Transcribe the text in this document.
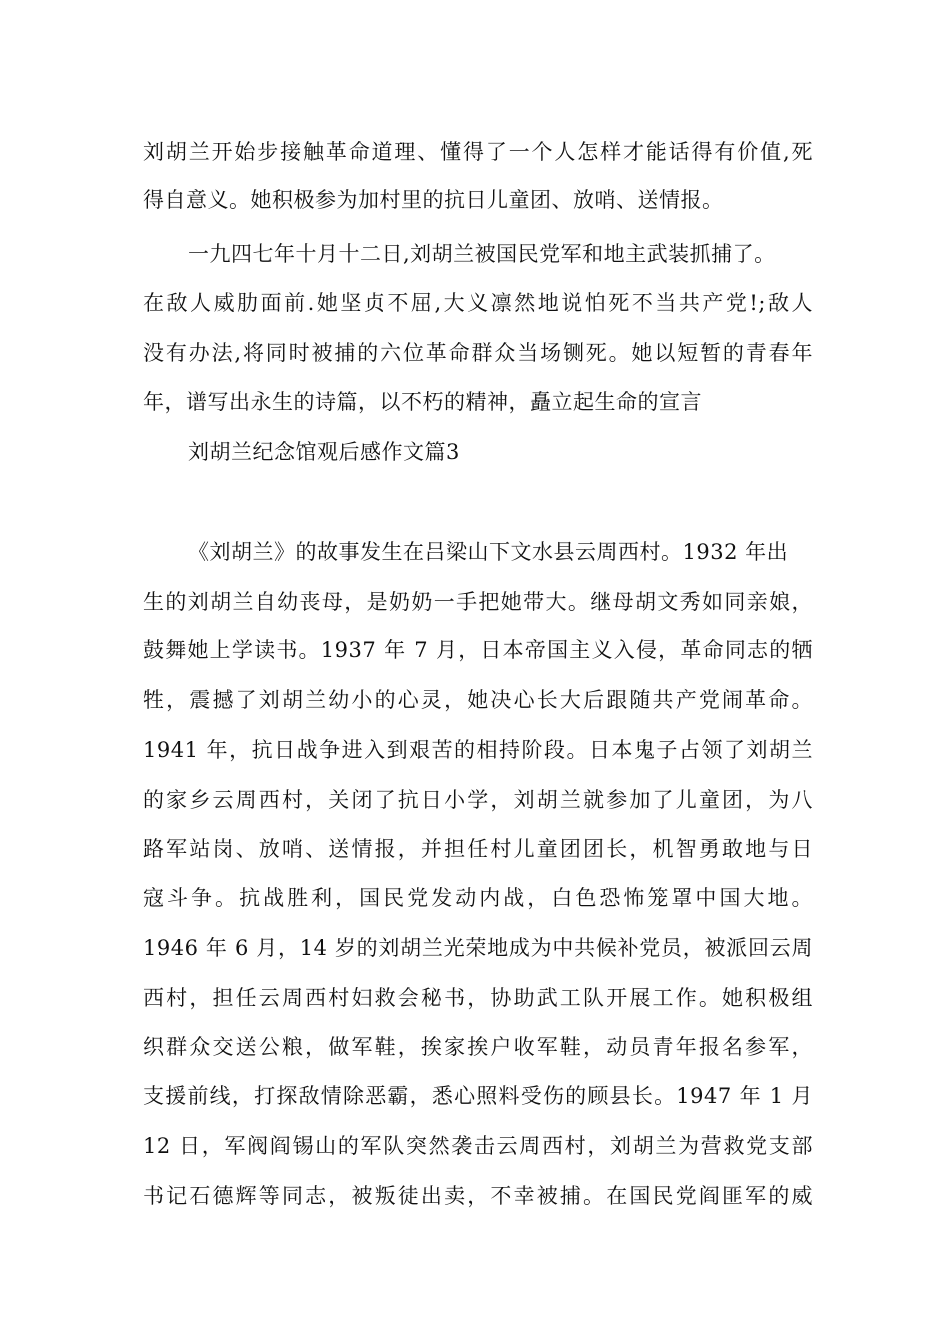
刘胡兰开始步接触革命道理、懂得了一个人怎样才能话得有价值,死
得自意义。她积极参为加村里的抗日儿童团、放哨、送情报。
一九四七年十月十二日,刘胡兰被国民党军和地主武装抓捕了。
在敌人威肋面前.她坚贞不屈,大义凛然地说怕死不当共产党!;敌人
没有办法,将同时被捕的六位革命群众当场铡死。她以短暂的青春年
年，谱写出永生的诗篇，以不朽的精神，矗立起生命的宣言
刘胡兰纪念馆观后感作文篇3
《刘胡兰》的故事发生在吕梁山下文水县云周西村。1932 年出
生的刘胡兰自幼丧母，是奶奶一手把她带大。继母胡文秀如同亲娘，
鼓舞她上学读书。1937 年 7 月，日本帝国主义入侵，革命同志的牺
牲，震撼了刘胡兰幼小的心灵，她决心长大后跟随共产党闹革命。
1941 年，抗日战争进入到艰苦的相持阶段。日本鬼子占领了刘胡兰
的家乡云周西村，关闭了抗日小学，刘胡兰就参加了儿童团，为八
路军站岗、放哨、送情报，并担任村儿童团团长，机智勇敢地与日
寇斗争。抗战胜利，国民党发动内战，白色恐怖笼罩中国大地。
1946 年 6 月，14 岁的刘胡兰光荣地成为中共候补党员，被派回云周
西村，担任云周西村妇救会秘书，协助武工队开展工作。她积极组
织群众交送公粮，做军鞋，挨家挨户收军鞋，动员青年报名参军，
支援前线，打探敌情除恶霸，悉心照料受伤的顾县长。1947 年 1 月
12 日，军阀阎锡山的军队突然袭击云周西村，刘胡兰为营救党支部
书记石德辉等同志，被叛徒出卖，不幸被捕。在国民党阎匪军的威
